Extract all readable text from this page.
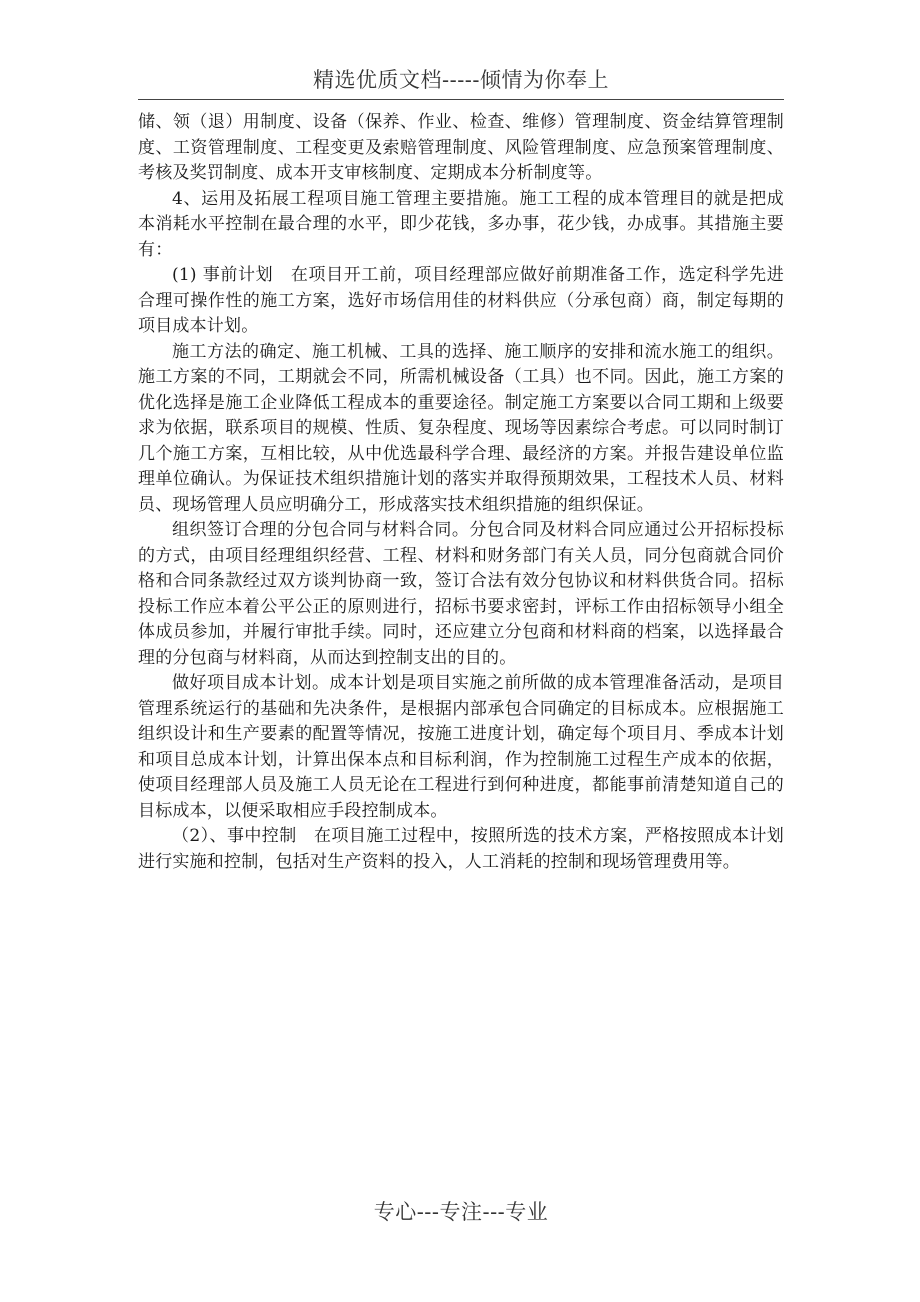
精选优质文档-----倾情为你奉上

储、领（退）用制度、设备（保养、作业、检查、维修）管理制度、资金结算管理制度、工资管理制度、工程变更及索赔管理制度、风险管理制度、应急预案管理制度、考核及奖罚制度、成本开支审核制度、定期成本分析制度等。

4、运用及拓展工程项目施工管理主要措施。施工工程的成本管理目的就是把成本消耗水平控制在最合理的水平，即少花钱，多办事，花少钱，办成事。其措施主要有：

(1) 事前计划　在项目开工前，项目经理部应做好前期准备工作，选定科学先进合理可操作性的施工方案，选好市场信用佳的材料供应（分承包商）商，制定每期的项目成本计划。

施工方法的确定、施工机械、工具的选择、施工顺序的安排和流水施工的组织。施工方案的不同，工期就会不同，所需机械设备（工具）也不同。因此，施工方案的优化选择是施工企业降低工程成本的重要途径。制定施工方案要以合同工期和上级要求为依据，联系项目的规模、性质、复杂程度、现场等因素综合考虑。可以同时制订几个施工方案，互相比较，从中优选最科学合理、最经济的方案。并报告建设单位监理单位确认。为保证技术组织措施计划的落实并取得预期效果，工程技术人员、材料员、现场管理人员应明确分工，形成落实技术组织措施的组织保证。

组织签订合理的分包合同与材料合同。分包合同及材料合同应通过公开招标投标的方式，由项目经理组织经营、工程、材料和财务部门有关人员，同分包商就合同价格和合同条款经过双方谈判协商一致，签订合法有效分包协议和材料供货合同。招标投标工作应本着公平公正的原则进行，招标书要求密封，评标工作由招标领导小组全体成员参加，并履行审批手续。同时，还应建立分包商和材料商的档案，以选择最合理的分包商与材料商，从而达到控制支出的目的。

做好项目成本计划。成本计划是项目实施之前所做的成本管理准备活动，是项目管理系统运行的基础和先决条件，是根据内部承包合同确定的目标成本。应根据施工组织设计和生产要素的配置等情况，按施工进度计划，确定每个项目月、季成本计划和项目总成本计划，计算出保本点和目标利润，作为控制施工过程生产成本的依据，使项目经理部人员及施工人员无论在工程进行到何种进度，都能事前清楚知道自己的目标成本，以便采取相应手段控制成本。

（2）、事中控制　在项目施工过程中，按照所选的技术方案，严格按照成本计划进行实施和控制，包括对生产资料的投入，人工消耗的控制和现场管理费用等。

专心---专注---专业
